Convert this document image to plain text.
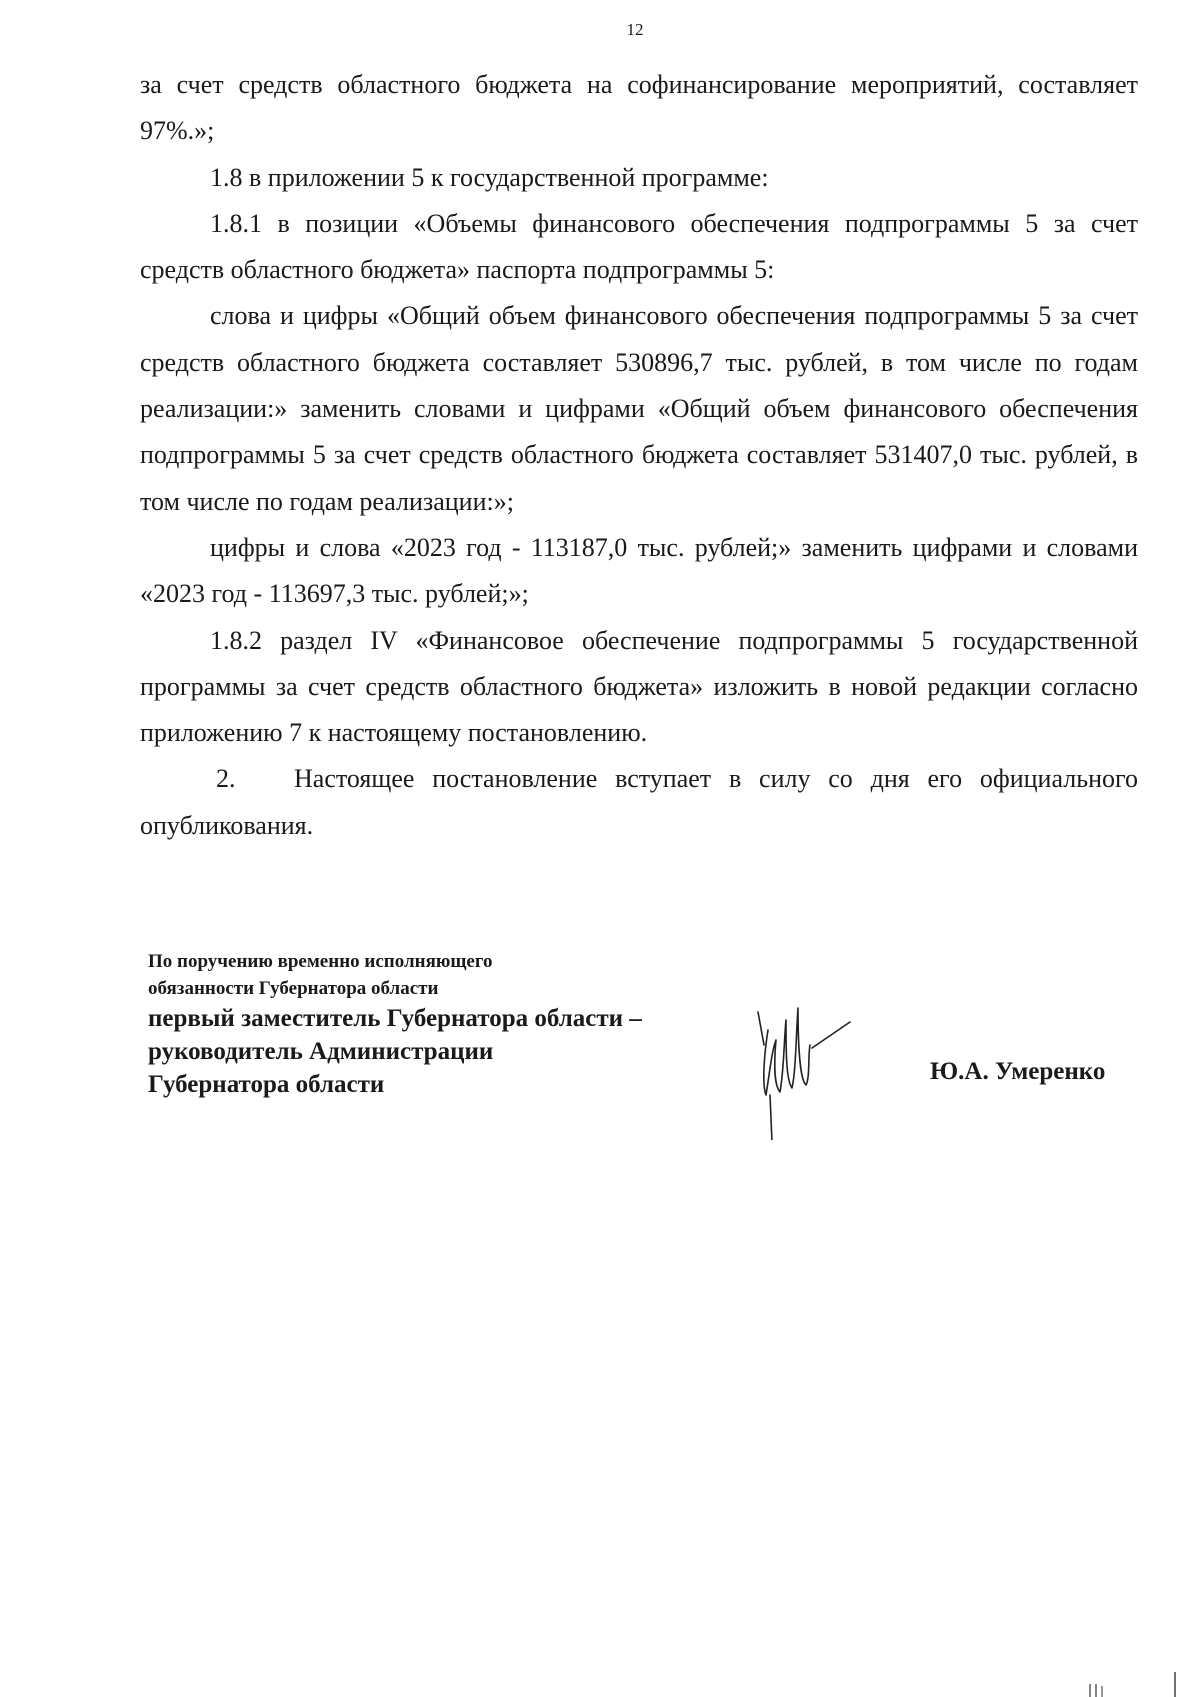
12

за счет средств областного бюджета на софинансирование мероприятий, составляет 97%.»;

1.8 в приложении 5 к государственной программе:

1.8.1 в позиции «Объемы финансового обеспечения подпрограммы 5 за счет средств областного бюджета» паспорта подпрограммы 5:

слова и цифры «Общий объем финансового обеспечения подпрограммы 5 за счет средств областного бюджета составляет 530896,7 тыс. рублей, в том числе по годам реализации:» заменить словами и цифрами «Общий объем финансового обеспечения подпрограммы 5 за счет средств областного бюджета составляет 531407,0 тыс. рублей, в том числе по годам реализации:»;

цифры и слова «2023 год - 113187,0 тыс. рублей;» заменить цифрами и словами «2023 год - 113697,3 тыс. рублей;»;

1.8.2 раздел IV «Финансовое обеспечение подпрограммы 5 государственной программы за счет средств областного бюджета» изложить в новой редакции согласно приложению 7 к настоящему постановлению.

2. Настоящее постановление вступает в силу со дня его официального опубликования.

По поручению временно исполняющего
обязанности Губернатора области
первый заместитель Губернатора области –
руководитель Администрации
Губернатора области	Ю.А. Умеренко
